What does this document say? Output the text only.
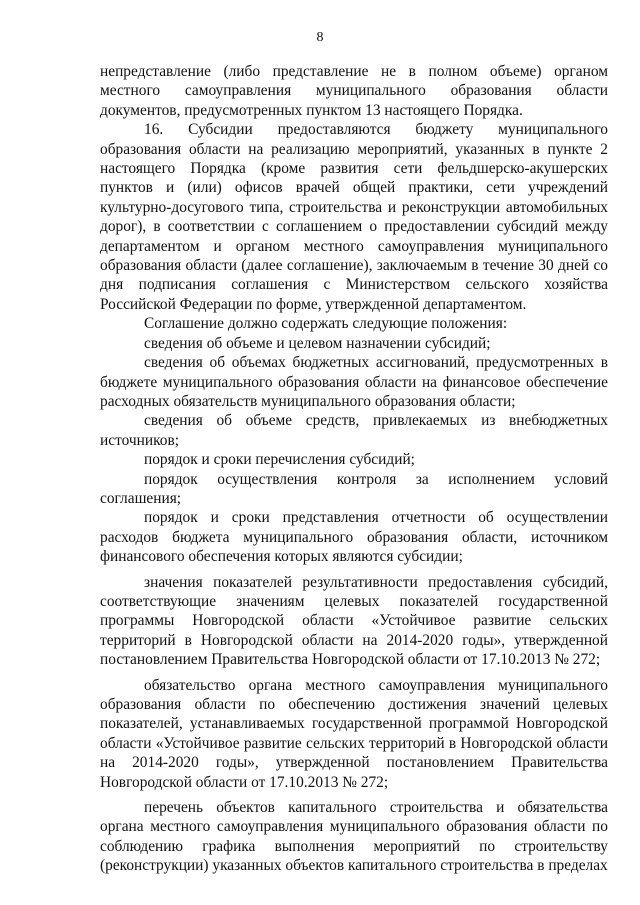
8

непредставление (либо представление не в полном объеме) органом местного самоуправления муниципального образования области документов, предусмотренных пунктом 13 настоящего Порядка.

16. Субсидии предоставляются бюджету муниципального образования области на реализацию мероприятий, указанных в пункте 2 настоящего Порядка (кроме развития сети фельдшерско-акушерских пунктов и (или) офисов врачей общей практики, сети учреждений культурно-досугового типа, строительства и реконструкции автомобильных дорог), в соответствии с соглашением о предоставлении субсидий между департаментом и органом местного самоуправления муниципального образования области (далее соглашение), заключаемым в течение 30 дней со дня подписания соглашения с Министерством сельского хозяйства Российской Федерации по форме, утвержденной департаментом.

Соглашение должно содержать следующие положения:

сведения об объеме и целевом назначении субсидий;

сведения об объемах бюджетных ассигнований, предусмотренных в бюджете муниципального образования области на финансовое обеспечение расходных обязательств муниципального образования области;

сведения об объеме средств, привлекаемых из внебюджетных источников;

порядок и сроки перечисления субсидий;

порядок осуществления контроля за исполнением условий соглашения;

порядок и сроки представления отчетности об осуществлении расходов бюджета муниципального образования области, источником финансового обеспечения которых являются субсидии;

значения показателей результативности предоставления субсидий, соответствующие значениям целевых показателей государственной программы Новгородской области «Устойчивое развитие сельских территорий в Новгородской области на 2014-2020 годы», утвержденной постановлением Правительства Новгородской области от 17.10.2013 № 272;

обязательство органа местного самоуправления муниципального образования области по обеспечению достижения значений целевых показателей, устанавливаемых государственной программой Новгородской области «Устойчивое развитие сельских территорий в Новгородской области на 2014-2020 годы», утвержденной постановлением Правительства Новгородской области от 17.10.2013 № 272;

перечень объектов капитального строительства и обязательства органа местного самоуправления муниципального образования области по соблюдению графика выполнения мероприятий по строительству (реконструкции) указанных объектов капитального строительства в пределах
